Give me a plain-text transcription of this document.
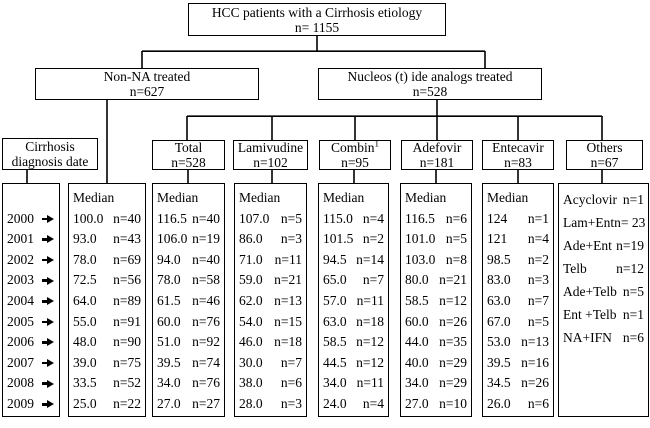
HCC patients with a Cirrhosis etiology
n= 1155
Non-NA treated
n=627
Nucleos (t) ide analogs treated
n=528
Cirrhosis
diagnosis date
Total
n=528
Lamivudine
n=102
Combin$^1$
n=95
Adefovir
n=181
Entecavir
n=83
Others
n=67
2000
2001
2002
2003
2004
2005
2006
2007
2008
2009
Median
100.0 n=40
93.0 n=43
78.0 n=69
72.5 n=56
64.0 n=89
55.0 n=91
48.0 n=90
39.0 n=75
33.5 n=52
25.0 n=22
Median
116.5 n=40
106.0 n=19
94.0 n=40
78.0 n=58
61.5 n=46
60.0 n=76
51.0 n=92
39.5 n=74
34.0 n=76
27.0 n=27
Median
107.0 n=5
86.0 n=3
71.0 n=11
59.0 n=21
62.0 n=13
54.0 n=15
46.0 n=18
30.0 n=7
38.0 n=6
28.0 n=3
Median
115.0 n=4
101.5 n=2
94.5 n=14
65.0 n=7
57.0 n=11
63.0 n=18
58.5 n=12
44.5 n=12
34.0 n=11
24.0 n=4
Median
116.5 n=6
101.0 n=5
103.0 n=8
80.0 n=21
58.5 n=12
60.0 n=26
44.0 n=35
40.0 n=29
34.0 n=29
27.0 n=10
Median
124 n=1
121 n=4
98.5 n=2
83.0 n=3
63.0 n=7
67.0 n=5
53.0 n=13
39.5 n=16
34.5 n=26
26.0 n=6
Acyclovir n=1
Lam+Ent n= 23
Ade+Ent n=19
Telb n=12
Ade+Telb n=5
Ent +Telb n=1
NA+IFN n=6
